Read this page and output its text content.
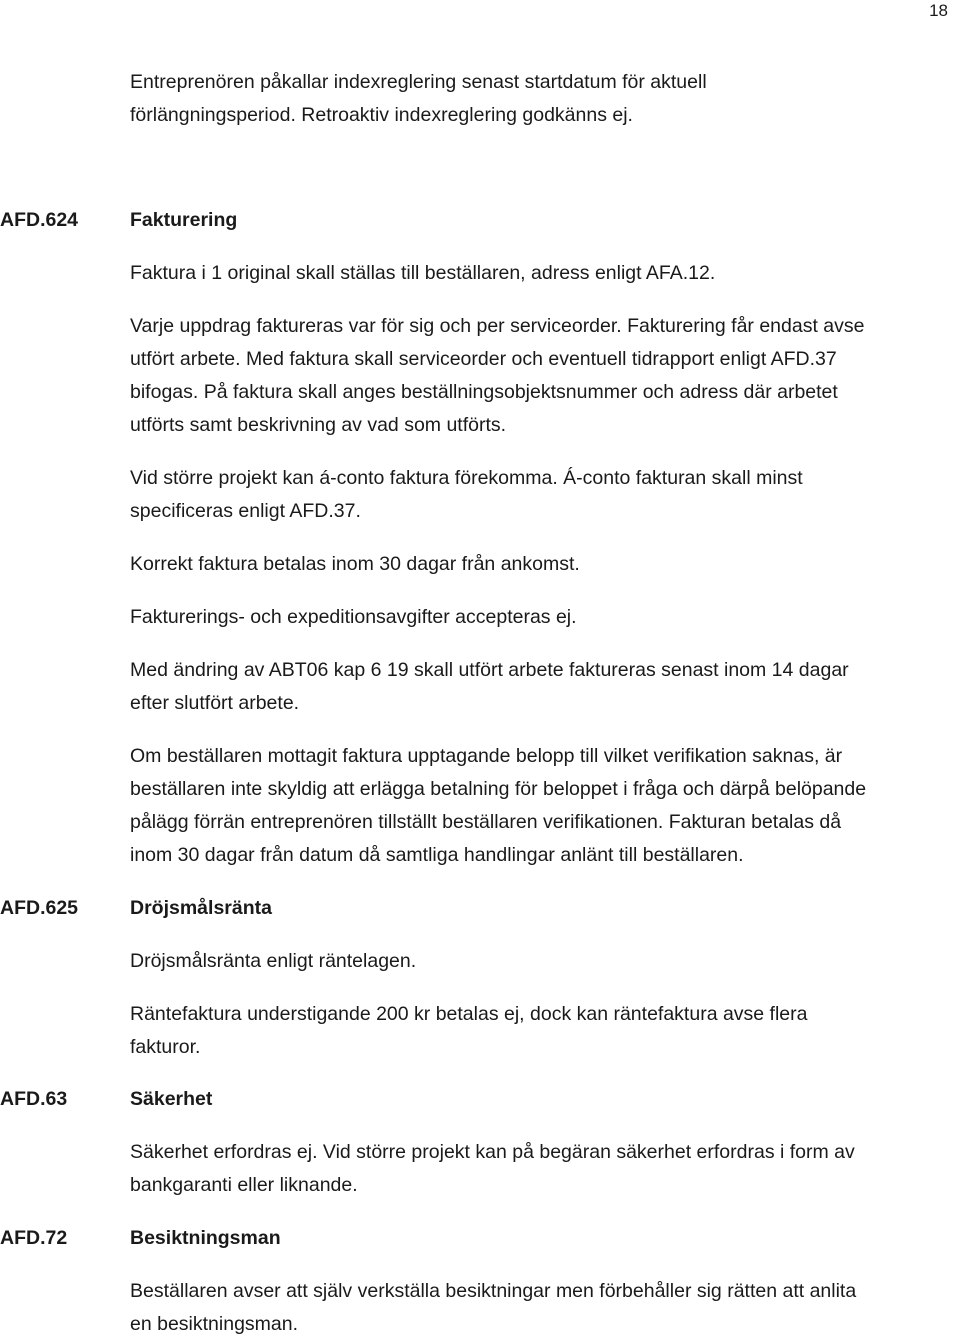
18
Entreprenören påkallar indexreglering senast startdatum för aktuell
förlängningsperiod. Retroaktiv indexreglering godkänns ej.
AFD.624	Fakturering
Faktura i 1 original skall ställas till beställaren, adress enligt AFA.12.
Varje uppdrag faktureras var för sig och per serviceorder. Fakturering får endast avse
utfört arbete. Med faktura skall serviceorder och eventuell tidrapport enligt AFD.37
bifogas. På faktura skall anges beställningsobjektsnummer och adress där arbetet
utförts samt beskrivning av vad som utförts.
Vid större projekt kan á-conto faktura förekomma. Á-conto fakturan skall minst
specificeras enligt AFD.37.
Korrekt faktura betalas inom 30 dagar från ankomst.
Fakturerings- och expeditionsavgifter accepteras ej.
Med ändring av ABT06 kap 6 19 skall utfört arbete faktureras senast inom 14 dagar
efter slutfört arbete.
Om beställaren mottagit faktura upptagande belopp till vilket verifikation saknas, är
beställaren inte skyldig att erlägga betalning för beloppet i fråga och därpå belöpande
pålägg förrän entreprenören tillställt beställaren verifikationen. Fakturan betalas då
inom 30 dagar från datum då samtliga handlingar anlänt till beställaren.
AFD.625	Dröjsmålsränta
Dröjsmålsränta enligt räntelagen.
Räntefaktura understigande 200 kr betalas ej, dock kan räntefaktura avse flera
fakturor.
AFD.63	Säkerhet
Säkerhet erfordras ej. Vid större projekt kan på begäran säkerhet erfordras i form av
bankgaranti eller liknande.
AFD.72	Besiktningsman
Beställaren avser att själv verkställa besiktningar men förbehåller sig rätten att anlita
en besiktningsman.
